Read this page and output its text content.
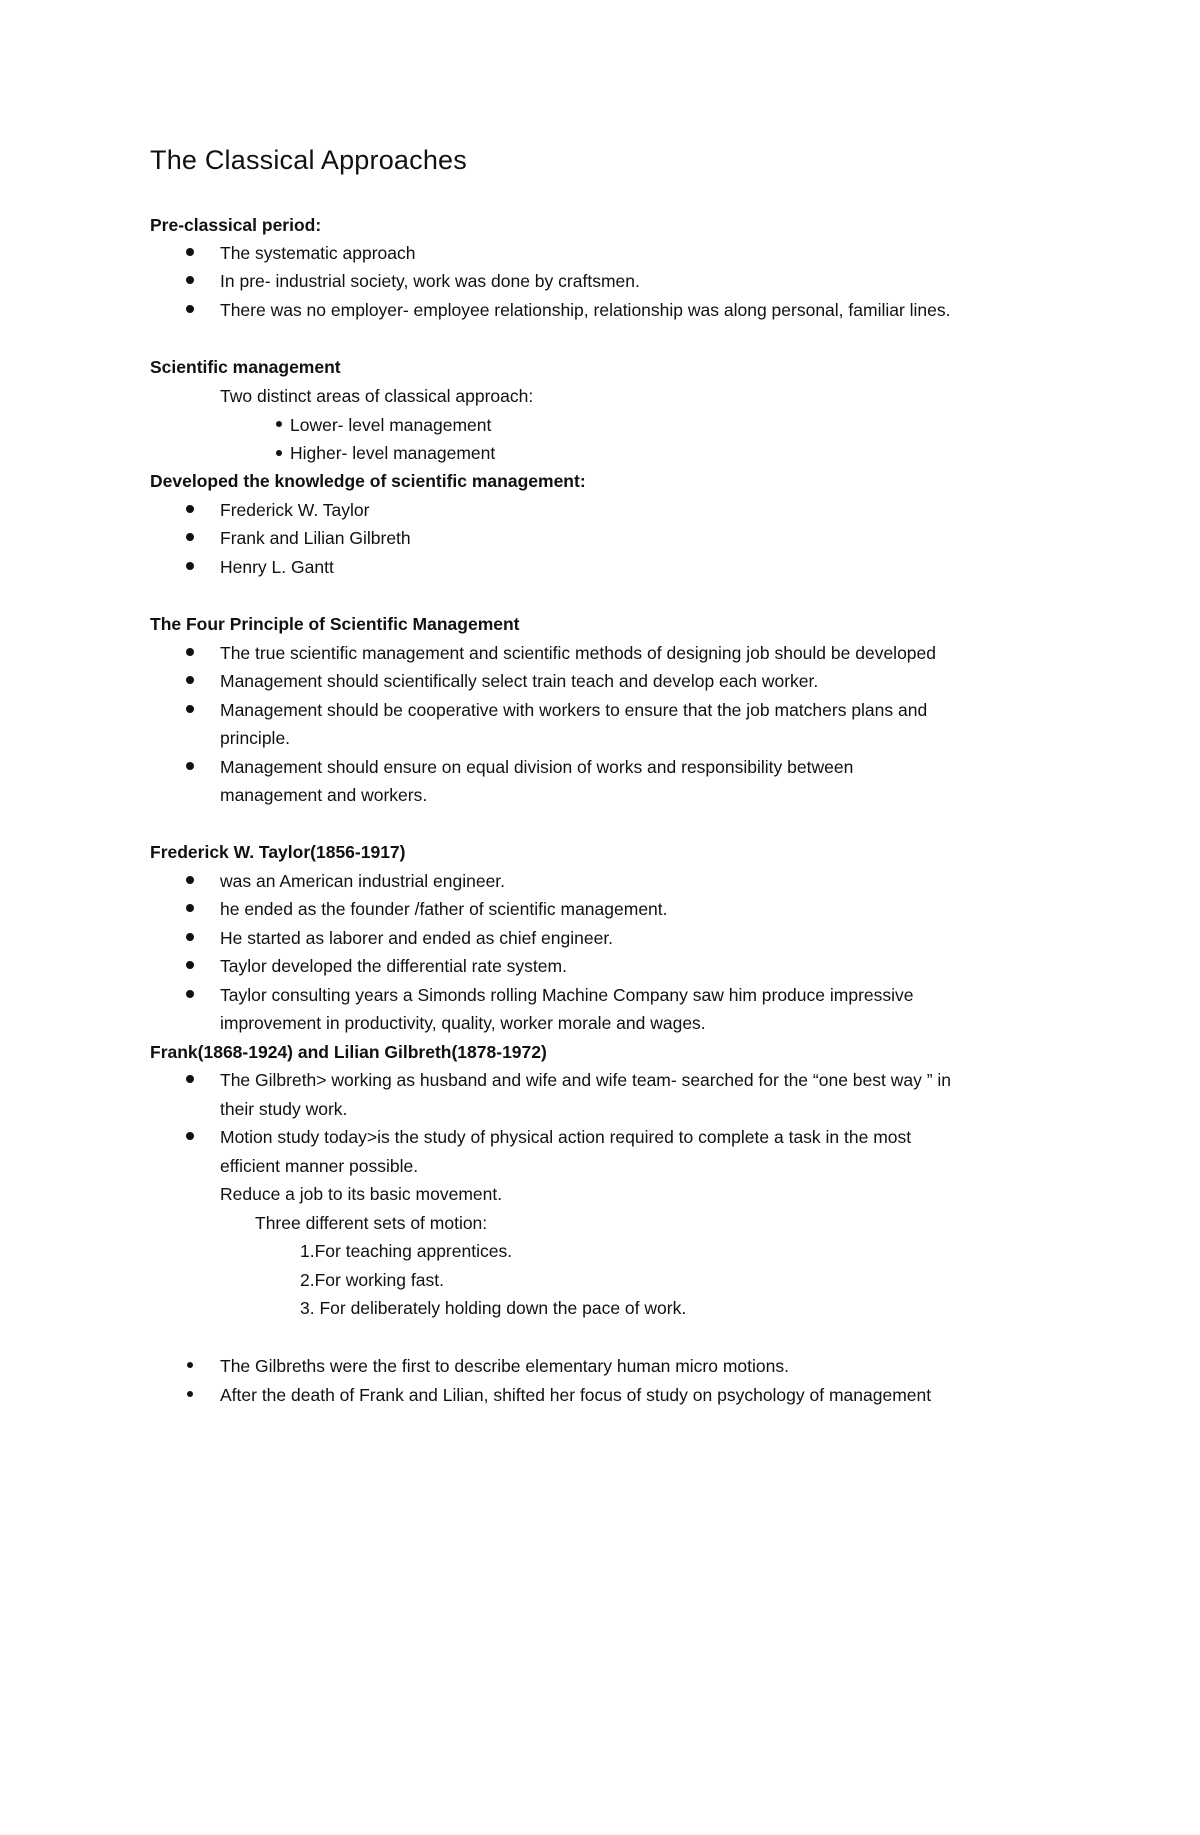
The Classical Approaches
Pre-classical period:
The systematic approach
In pre- industrial society, work was done by craftsmen.
There was no employer- employee relationship, relationship was along personal, familiar lines.
Scientific management
Two distinct areas of classical approach:
Lower- level management
Higher- level management
Developed the knowledge of scientific management:
Frederick W. Taylor
Frank and Lilian Gilbreth
Henry L. Gantt
The Four Principle of Scientific Management
The true scientific management and scientific methods of designing job should be developed
Management should scientifically select train teach and develop each worker.
Management should be cooperative with workers to ensure that the job matchers plans and
principle.
Management should ensure on equal division of works and responsibility between
management and workers.
Frederick W. Taylor(1856-1917)
was an American industrial engineer.
he ended as the founder /father of scientific management.
He started as laborer and ended as chief engineer.
Taylor developed the differential rate system.
Taylor consulting years a Simonds rolling Machine Company saw him produce impressive
improvement in productivity, quality, worker morale and wages.
Frank(1868-1924) and Lilian Gilbreth(1878-1972)
The Gilbreth> working as husband and wife and wife team- searched for the “one best way ” in
their study work.
Motion study today>is the study of physical action required to complete a task in the most
efficient manner possible.
Reduce a job to its basic movement.
Three different sets of motion:
1.For teaching apprentices.
2.For working fast.
3. For deliberately holding down the pace of work.
The Gilbreths were the first to describe elementary human micro motions.
After the death of Frank and Lilian, shifted her focus of study on psychology of management
